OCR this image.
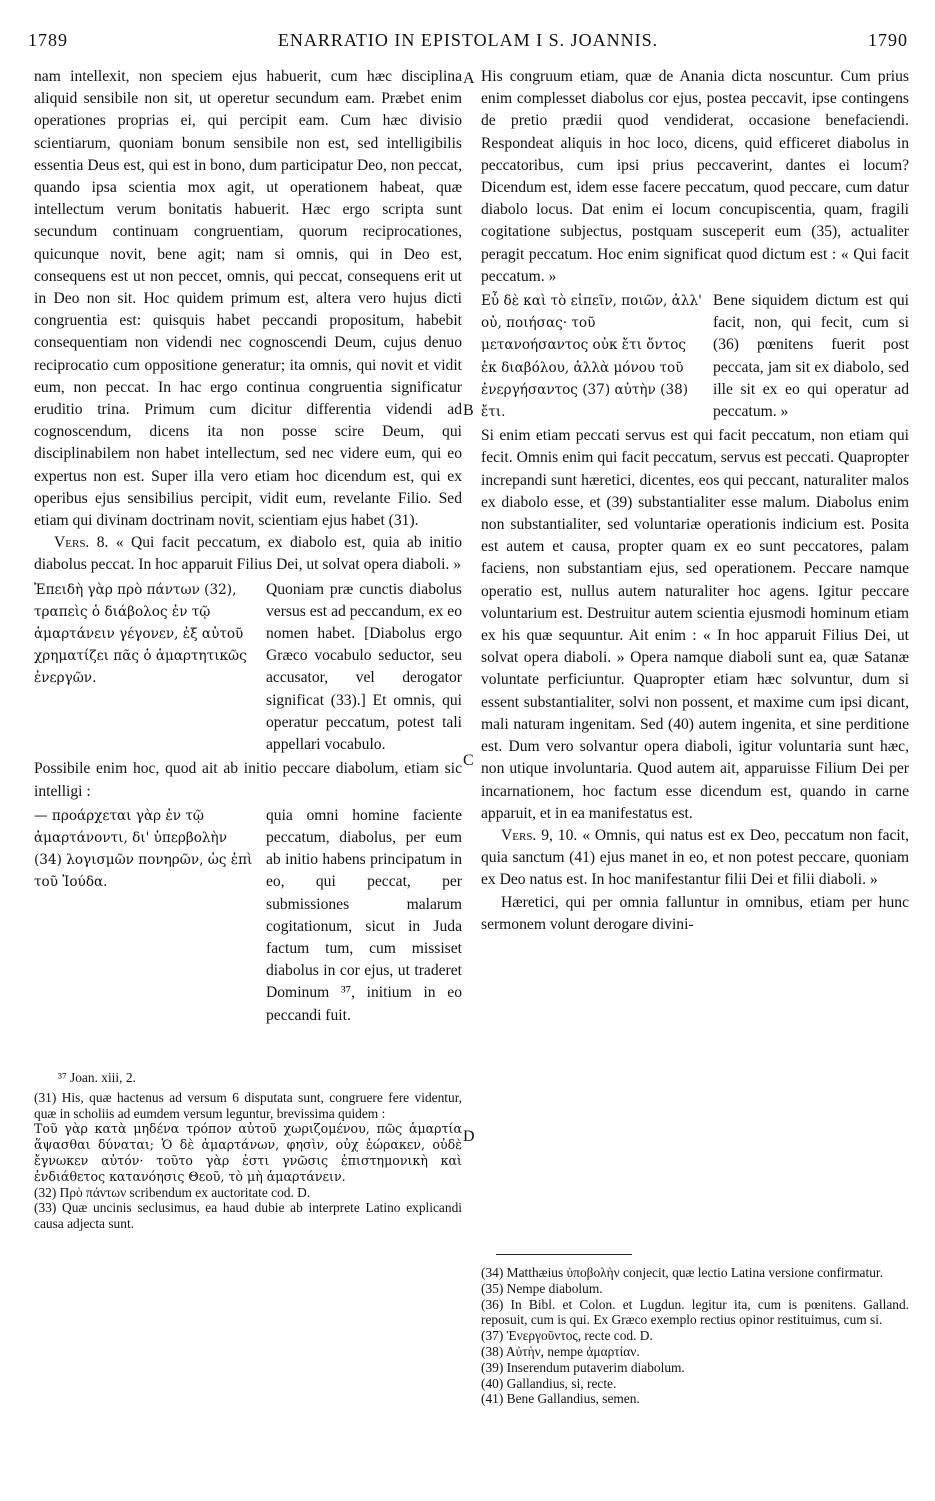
1789	ENARRATIO IN EPISTOLAM I S. JOANNIS.	1790
A
B
C
D

nam intellexit, non speciem ejus habuerit, cum hæc disciplina aliquid sensibile non sit, ut operetur secundum eam. Præbet enim operationes proprias ei, qui percipit eam. Cum hæc divisio scientiarum, quoniam bonum sensibile non est, sed intelligibilis essentia Deus est, qui est in bono, dum participatur Deo, non peccat, quando ipsa scientia mox agit, ut operationem habeat, quæ intellectum verum bonitatis habuerit. Hæc ergo scripta sunt secundum continuam congruentiam, quorum reciprocationes, quicunque novit, bene agit; nam si omnis, qui in Deo est, consequens est ut non peccet, omnis, qui peccat, consequens erit ut in Deo non sit. Hoc quidem primum est, altera vero hujus dicti congruentia est: quisquis habet peccandi propositum, habebit consequentiam non videndi nec cognoscendi Deum, cujus denuo reciprocatio cum oppositione generatur; ita omnis, qui novit et vidit eum, non peccat. In hac ergo continua congruentia significatur eruditio trina. Primum cum dicitur differentia videndi ad cognoscendum, dicens ita non posse scire Deum, qui disciplinabilem non habet intellectum, sed nec videre eum, qui eo expertus non est. Super illa vero etiam hoc dicendum est, qui ex operibus ejus sensibilius percipit, vidit eum, revelante Filio. Sed etiam qui divinam doctrinam novit, scientiam ejus habet (31).

Vers. 8. « Qui facit peccatum, ex diabolo est, quia ab initio diabolus peccat. In hoc apparuit Filius Dei, ut solvat opera diaboli. »

Ἐπειδὴ γὰρ πρὸ πάντων (32), τραπεὶς ὁ διάβολος ἐν τῷ ἁμαρτάνειν γέγονεν, ἐξ αὐτοῦ χρηματίζει πᾶς ὁ ἁμαρτητικῶς ἐνεργῶν.
Quoniam præ cunctis diabolus versus est ad peccandum, ex eo nomen habet. [Diabolus ergo Græco vocabulo seductor, seu accusator, vel derogator significat (33).] Et omnis, qui operatur peccatum, potest tali appellari vocabulo.

Possibile enim hoc, quod ait ab initio peccare diabolum, etiam sic intelligi :

— προάρχεται γὰρ ἐν τῷ ἁμαρτάνοντι, δι' ὑπερβολὴν (34) λογισμῶν πονηρῶν, ὡς ἐπὶ τοῦ Ἰούδα.
quia omni homine faciente peccatum, diabolus, per eum ab initio habens principatum in eo, qui peccat, per submissiones malarum cogitationum, sicut in Juda factum tum, cum missiset diabolus in cor ejus, ut traderet Dominum ³⁷, initium in eo peccandi fuit.

His congruum etiam, quæ de Anania dicta noscuntur. Cum prius enim complesset diabolus cor ejus, postea peccavit, ipse contingens de pretio prædii quod vendiderat, occasione benefaciendi. Respondeat aliquis in hoc loco, dicens, quid efficeret diabolus in peccatoribus, cum ipsi prius peccaverint, dantes ei locum? Dicendum est, idem esse facere peccatum, quod peccare, cum datur diabolo locus. Dat enim ei locum concupiscentia, quam, fragili cogitatione subjectus, postquam susceperit eum (35), actualiter peragit peccatum. Hoc enim significat quod dictum est : « Qui facit peccatum. »

Εὖ δὲ καὶ τὸ εἰπεῖν, ποιῶν, ἀλλ' οὐ, ποιήσας· τοῦ μετανοήσαντος οὐκ ἔτι ὄντος ἐκ διαβόλου, ἀλλὰ μόνου τοῦ ἐνεργήσαντος (37) αὐτὴν (38) ἔτι.
Bene siquidem dictum est qui facit, non, qui fecit, cum si (36) pœnitens fuerit post peccata, jam sit ex diabolo, sed ille sit ex eo qui operatur ad peccatum. »

Si enim etiam peccati servus est qui facit peccatum, non etiam qui fecit. Omnis enim qui facit peccatum, servus est peccati. Quapropter increpandi sunt hæretici, dicentes, eos qui peccant, naturaliter malos ex diabolo esse, et (39) substantialiter esse malum. Diabolus enim non substantialiter, sed voluntariæ operationis indicium est. Posita est autem et causa, propter quam ex eo sunt peccatores, palam faciens, non substantiam ejus, sed operationem. Peccare namque operatio est, nullus autem naturaliter hoc agens. Igitur peccare voluntarium est. Destruitur autem scientia ejusmodi hominum etiam ex his quæ sequuntur. Ait enim : « In hoc apparuit Filius Dei, ut solvat opera diaboli. » Opera namque diaboli sunt ea, quæ Satanæ voluntate perficiuntur. Quapropter etiam hæc solvuntur, dum si essent substantialiter, solvi non possent, et maxime cum ipsi dicant, mali naturam ingenitam. Sed (40) autem ingenita, et sine perditione est. Dum vero solvantur opera diaboli, igitur voluntaria sunt hæc, non utique involuntaria. Quod autem ait, apparuisse Filium Dei per incarnationem, hoc factum esse dicendum est, quando in carne apparuit, et in ea manifestatus est.

Vers. 9, 10. « Omnis, qui natus est ex Deo, peccatum non facit, quia sanctum (41) ejus manet in eo, et non potest peccare, quoniam ex Deo natus est. In hoc manifestantur filii Dei et filii diaboli. »

Hæretici, qui per omnia falluntur in omnibus, etiam per hunc sermonem volunt derogare divini-

³⁷ Joan. xiii, 2.

(31) His, quæ hactenus ad versum 6 disputata sunt, congruere fere videntur, quæ in scholiis ad eumdem versum leguntur, brevissima quidem :

Τοῦ γὰρ κατὰ μηδένα τρόπον αὐτοῦ χωριζομένου, πῶς ἁμαρτία ἅψασθαι δύναται; Ὁ δὲ ἁμαρτάνων, φησὶν, οὐχ ἑώρακεν, οὐδὲ ἔγνωκεν αὐτόν· τοῦτο γὰρ ἐστι γνῶσις ἐπιστημονικὴ καὶ ἐνδιάθετος κατανόησις Θεοῦ, τὸ μὴ ἁμαρτάνειν.

(32) Πρὸ πάντων scribendum ex auctoritate cod. D.

(33) Quæ uncinis seclusimus, ea haud dubie ab interprete Latino explicandi causa adjecta sunt.

(34) Matthæius ὑποβολὴν conjecit, quæ lectio Latina versione confirmatur.

(35) Nempe diabolum.

(36) In Bibl. et Colon. et Lugdun. legitur ita, cum is pœnitens. Galland. reposuit, cum is qui. Ex Græco exemplo rectius opinor restituimus, cum si.

(37) Ἐνεργοῦντος, recte cod. D.

(38) Αὐτὴν, nempe ἁμαρτίαν.

(39) Inserendum putaverim diabolum.

(40) Gallandius, si, recte.

(41) Bene Gallandius, semen.
